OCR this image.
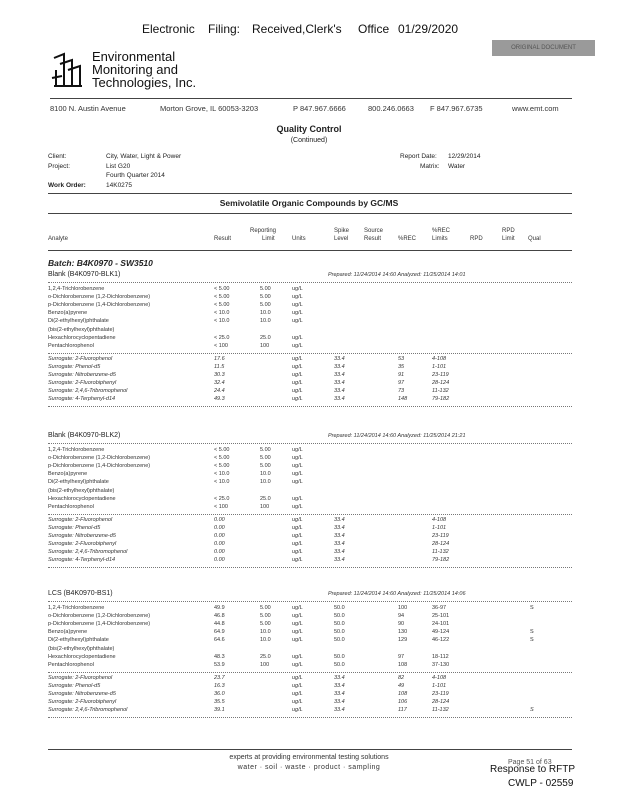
Electronic Filing: Received,Clerk's Office 01/29/2020
ORIGINAL DOCUMENT
Environmental
Monitoring and
Technologies, Inc.
8100 N. Austin Avenue	Morton Grove, IL 60053-3203	P 847.967.6666	800.246.0663 F 847.967.6735	www.emt.com
Quality Control
(Continued)
Client:	City, Water, Light & Power
Project:	List G20
Fourth Quarter 2014
Work Order:	14K0275
Report Date: 12/29/2014
Matrix: Water
Semivolatile Organic Compounds by GC/MS
Analyte	Result
Reporting
Limit	Units
Spike
Level
Source
Result	%REC
%REC
Limits	RPD
RPD
Limit Qual
Batch: B4K0970 - SW3510
Blank (B4K0970-BLK1)	Prepared: 11/24/2014 14:60 Analyzed: 11/25/2014 14:01
1,2,4-Trichlorobenzene	< 5.00	5.00	ug/L
o-Dichlorobenzene (1,2-Dichlorobenzene)	< 5.00	5.00	ug/L
p-Dichlorobenzene (1,4-Dichlorobenzene)	< 5.00	5.00	ug/L
Benzo(a)pyrene	< 10.0	10.0	ug/L
Di(2-ethylhexyl)phthalate	< 10.0	10.0	ug/L
(bis(2-ethylhexyl)phthalate)
Hexachlorocyclopentadiene	< 25.0	25.0	ug/L
Pentachlorophenol	< 100	100	ug/L
Surrogate: 2-Fluorophenol	17.6	ug/L	33.4	53	4-108
Surrogate: Phenol-d5	11.5	ug/L	33.4	35	1-101
Surrogate: Nitrobenzene-d5	30.3	ug/L	33.4	91	23-119
Surrogate: 2-Fluorobiphenyl	32.4	ug/L	33.4	97	28-124
Surrogate: 2,4,6-Tribromophenol	24.4	ug/L	33.4	73	11-132
Surrogate: 4-Terphenyl-d14	49.3	ug/L	33.4	148	79-182
Blank (B4K0970-BLK2)	Prepared: 11/24/2014 14:60 Analyzed: 11/25/2014 21:21
1,2,4-Trichlorobenzene	< 5.00	5.00	ug/L
o-Dichlorobenzene (1,2-Dichlorobenzene)	< 5.00	5.00	ug/L
p-Dichlorobenzene (1,4-Dichlorobenzene)	< 5.00	5.00	ug/L
Benzo(a)pyrene	< 10.0	10.0	ug/L
Di(2-ethylhexyl)phthalate	< 10.0	10.0	ug/L
(bis(2-ethylhexyl)phthalate)
Hexachlorocyclopentadiene	< 25.0	25.0	ug/L
Pentachlorophenol	< 100	100	ug/L
Surrogate: 2-Fluorophenol	0.00	ug/L	33.4	4-108
Surrogate: Phenol-d5	0.00	ug/L	33.4	1-101
Surrogate: Nitrobenzene-d5	0.00	ug/L	33.4	23-119
Surrogate: 2-Fluorobiphenyl	0.00	ug/L	33.4	28-124
Surrogate: 2,4,6-Tribromophenol	0.00	ug/L	33.4	11-132
Surrogate: 4-Terphenyl-d14	0.00	ug/L	33.4	79-182
LCS (B4K0970-BS1)	Prepared: 11/24/2014 14:60 Analyzed: 11/25/2014 14:06
1,2,4-Trichlorobenzene	49.9	5.00	ug/L	50.0	100	36-97	S
o-Dichlorobenzene (1,2-Dichlorobenzene)	46.8	5.00	ug/L	50.0	94	25-101
p-Dichlorobenzene (1,4-Dichlorobenzene)	44.8	5.00	ug/L	50.0	90	24-101
Benzo(a)pyrene	64.9	10.0	ug/L	50.0	130	49-124	S
Di(2-ethylhexyl)phthalate	64.6	10.0	ug/L	50.0	129	46-122	S
(bis(2-ethylhexyl)phthalate)
Hexachlorocyclopentadiene	48.3	25.0	ug/L	50.0	97	18-112
Pentachlorophenol	53.9	100	ug/L	50.0	108	37-130
Surrogate: 2-Fluorophenol	23.7	ug/L	33.4	82	4-108
Surrogate: Phenol-d5	16.3	ug/L	33.4	49	1-101
Surrogate: Nitrobenzene-d5	36.0	ug/L	33.4	108	23-119
Surrogate: 2-Fluorobiphenyl	35.5	ug/L	33.4	106	28-124
Surrogate: 2,4,6-Tribromophenol	39.1	ug/L	33.4	117	11-132	S
experts at providing environmental testing solutions
water · soil · waste · product · sampling
Page 51 of 63
Response to RFTP
CWLP - 02559
